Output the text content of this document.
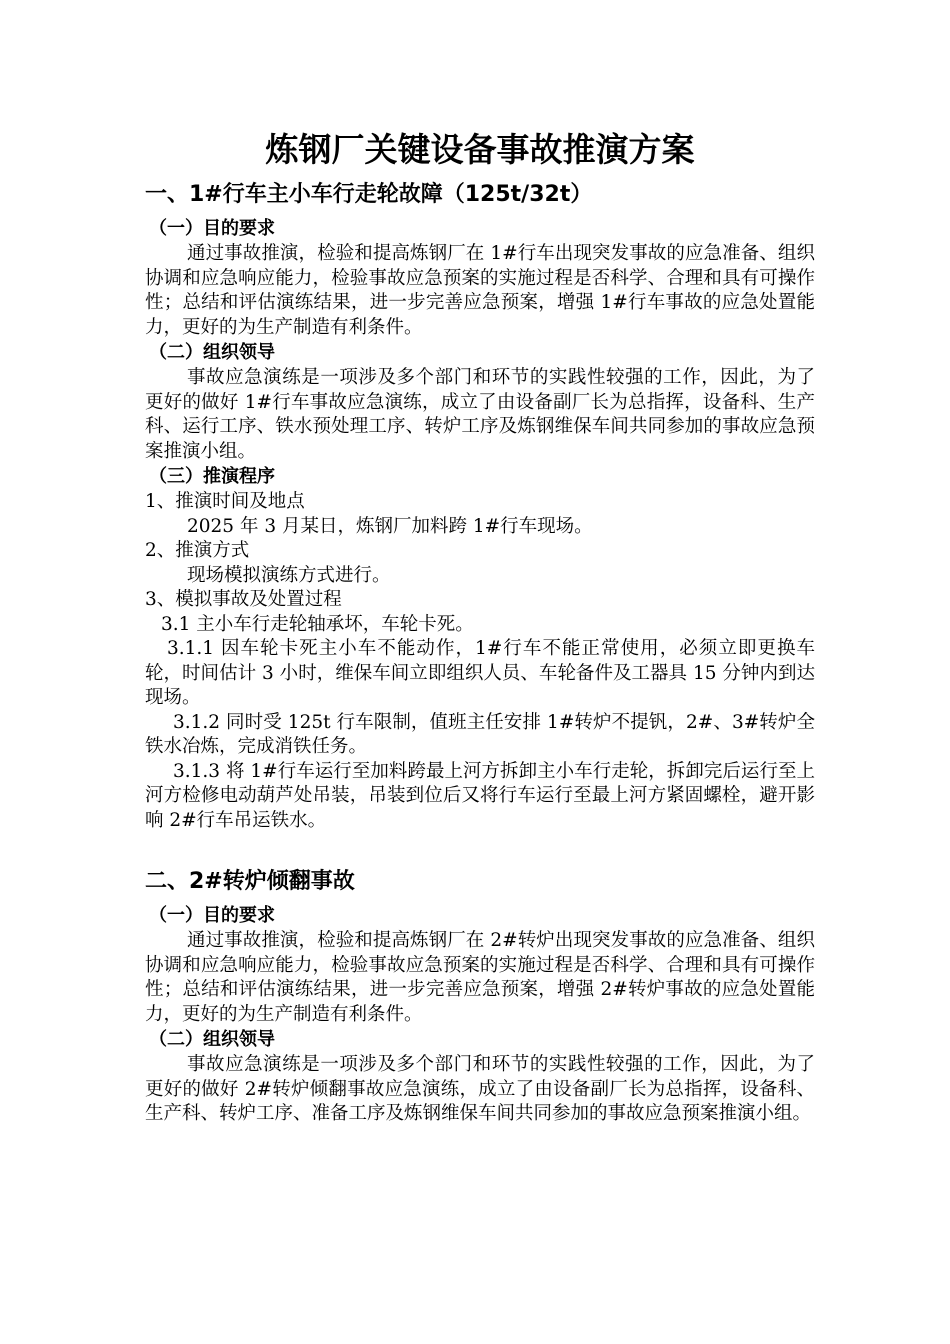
炼钢厂关键设备事故推演方案
一、1#行车主小车行走轮故障（125t/32t）
（一）目的要求
通过事故推演，检验和提高炼钢厂在 1#行车出现突发事故的应急准备、组织协调和应急响应能力，检验事故应急预案的实施过程是否科学、合理和具有可操作性；总结和评估演练结果，进一步完善应急预案，增强 1#行车事故的应急处置能力，更好的为生产制造有利条件。
（二）组织领导
事故应急演练是一项涉及多个部门和环节的实践性较强的工作，因此，为了更好的做好 1#行车事故应急演练，成立了由设备副厂长为总指挥，设备科、生产科、运行工序、铁水预处理工序、转炉工序及炼钢维保车间共同参加的事故应急预案推演小组。
（三）推演程序
1、推演时间及地点
2025 年 3 月某日，炼钢厂加料跨 1#行车现场。
2、推演方式
现场模拟演练方式进行。
3、模拟事故及处置过程
3.1 主小车行走轮轴承坏，车轮卡死。
3.1.1 因车轮卡死主小车不能动作，1#行车不能正常使用，必须立即更换车轮，时间估计 3 小时，维保车间立即组织人员、车轮备件及工器具 15 分钟内到达现场。
3.1.2 同时受 125t 行车限制，值班主任安排 1#转炉不提钒，2#、3#转炉全铁水冶炼，完成消铁任务。
3.1.3 将 1#行车运行至加料跨最上河方拆卸主小车行走轮，拆卸完后运行至上河方检修电动葫芦处吊装，吊装到位后又将行车运行至最上河方紧固螺栓，避开影响 2#行车吊运铁水。
二、2#转炉倾翻事故
（一）目的要求
通过事故推演，检验和提高炼钢厂在 2#转炉出现突发事故的应急准备、组织协调和应急响应能力，检验事故应急预案的实施过程是否科学、合理和具有可操作性；总结和评估演练结果，进一步完善应急预案，增强 2#转炉事故的应急处置能力，更好的为生产制造有利条件。
（二）组织领导
事故应急演练是一项涉及多个部门和环节的实践性较强的工作，因此，为了更好的做好 2#转炉倾翻事故应急演练，成立了由设备副厂长为总指挥，设备科、生产科、转炉工序、准备工序及炼钢维保车间共同参加的事故应急预案推演小组。
